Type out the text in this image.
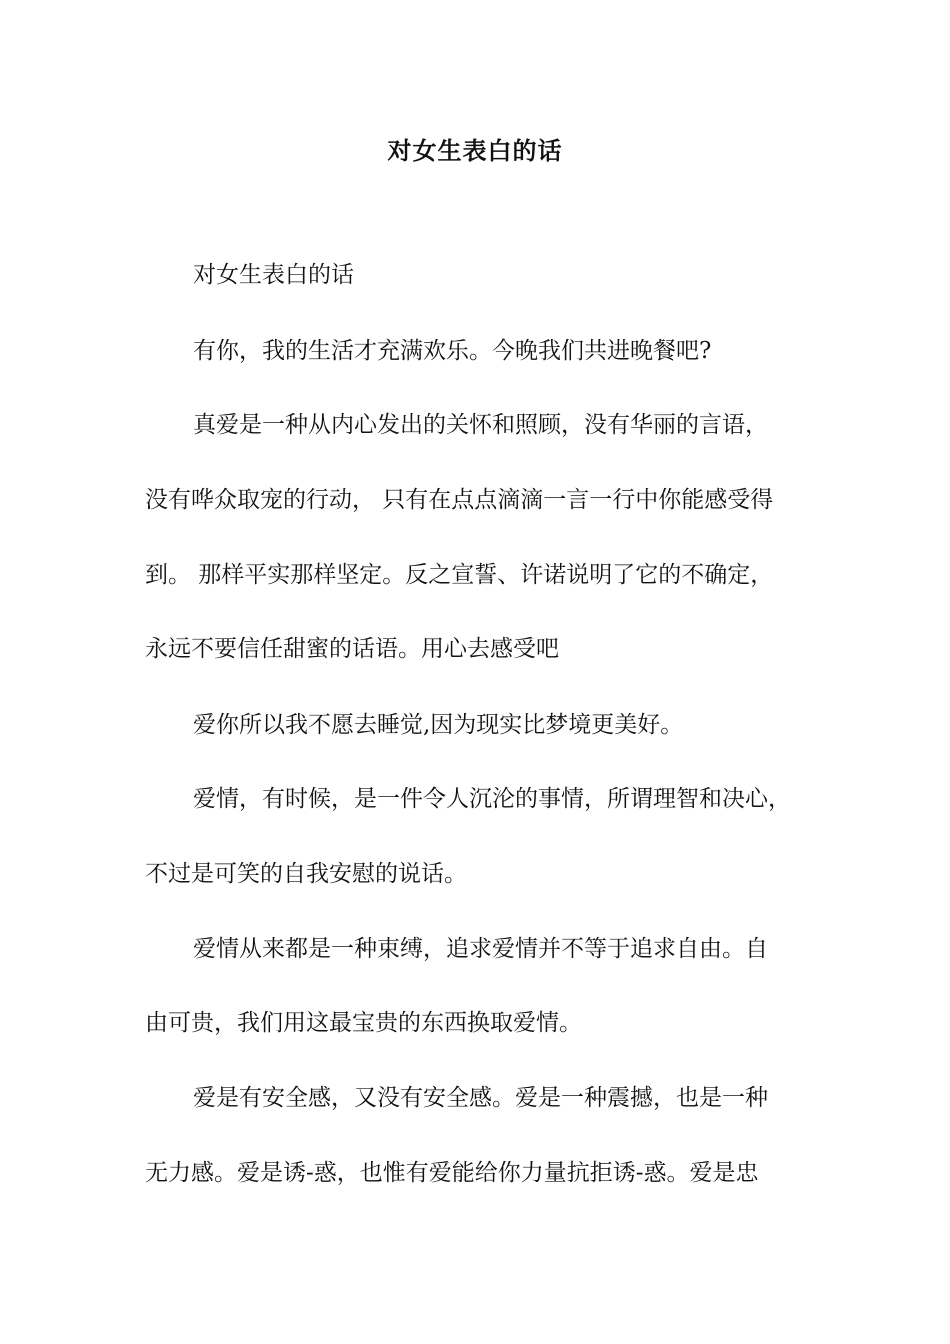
对女生表白的话
对女生表白的话
有你，我的生活才充满欢乐。今晚我们共进晚餐吧?
真爱是一种从内心发出的关怀和照顾，没有华丽的言语，
没有哗众取宠的行动， 只有在点点滴滴一言一行中你能感受得
到。 那样平实那样坚定。反之宣誓、许诺说明了它的不确定，
永远不要信任甜蜜的话语。用心去感受吧
爱你所以我不愿去睡觉,因为现实比梦境更美好。
爱情，有时候，是一件令人沉沦的事情，所谓理智和决心，
不过是可笑的自我安慰的说话。
爱情从来都是一种束缚，追求爱情并不等于追求自由。自
由可贵，我们用这最宝贵的东西换取爱情。
爱是有安全感，又没有安全感。爱是一种震撼，也是一种
无力感。爱是诱-惑，也惟有爱能给你力量抗拒诱-惑。爱是忠
